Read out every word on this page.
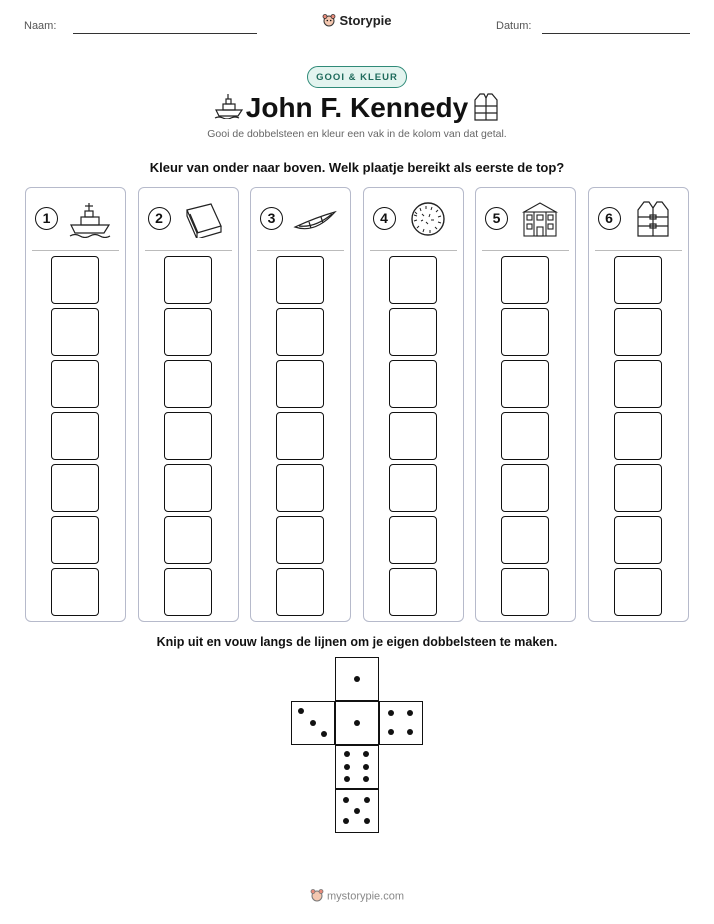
Naam:	Storypie	Datum:
GOOI & KLEUR
John F. Kennedy
Gooi de dobbelsteen en kleur een vak in de kolom van dat getal.
Kleur van onder naar boven. Welk plaatje bereikt als eerste de top?
1	2	3	4	5	6
Knip uit en vouw langs de lijnen om je eigen dobbelsteen te maken.
mystorypie.com
